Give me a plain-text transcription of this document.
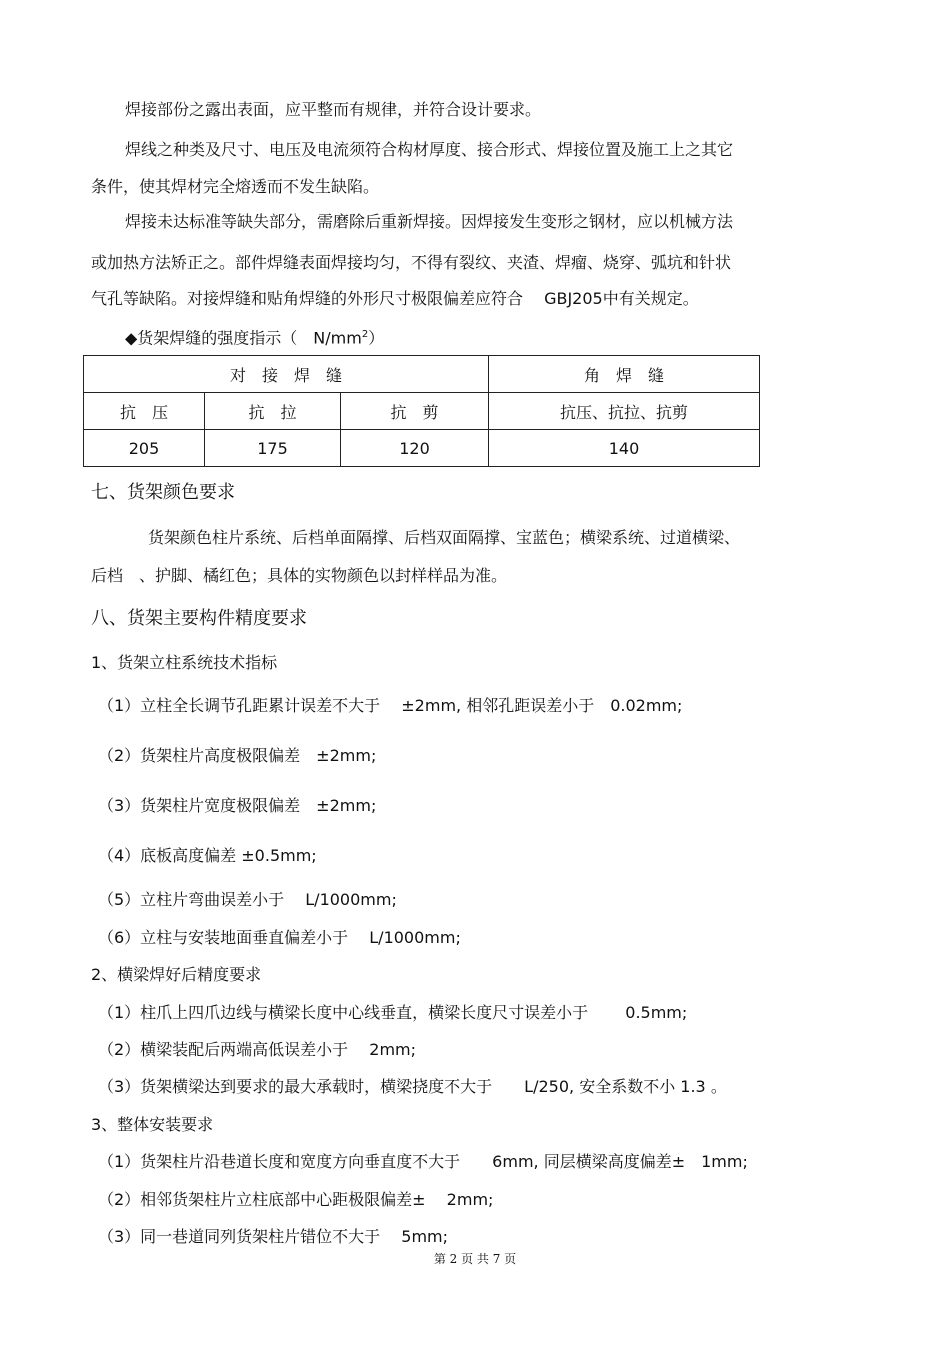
焊接部份之露出表面，应平整而有规律，并符合设计要求。
焊线之种类及尺寸、电压及电流须符合构材厚度、接合形式、焊接位置及施工上之其它
条件，使其焊材完全熔透而不发生缺陷。
焊接未达标准等缺失部分，需磨除后重新焊接。因焊接发生变形之钢材，应以机械方法
或加热方法矫正之。部件焊缝表面焊接均匀，不得有裂纹、夹渣、焊瘤、烧穿、弧坑和针状
气孔等缺陷。对接焊缝和贴角焊缝的外形尺寸极限偏差应符合　 GBJ205中有关规定。
◆货架焊缝的强度指示（　$N/mm^2$）
对　接　焊　缝			角　焊　缝
抗　压	抗　拉	抗　剪	抗压、抗拉、抗剪
205	175	120	140
七、货架颜色要求
货架颜色柱片系统、后档单面隔撑、后档双面隔撑、宝蓝色；横梁系统、过道横梁、
后档　、护脚、橘红色；具体的实物颜色以封样样品为准。
八、货架主要构件精度要求
1、货架立柱系统技术指标
（1）立柱全长调节孔距累计误差不大于　 ±2mm, 相邻孔距误差小于　0.02mm;
（2）货架柱片高度极限偏差　±2mm;
（3）货架柱片宽度极限偏差　±2mm;
（4）底板高度偏差 ±0.5mm;
（5）立柱片弯曲误差小于　 L/1000mm;
（6）立柱与安装地面垂直偏差小于　 L/1000mm;
2、横梁焊好后精度要求
（1）柱爪上四爪边线与横梁长度中心线垂直，横梁长度尺寸误差小于　　 0.5mm;
（2）横梁装配后两端高低误差小于　 2mm;
（3）货架横梁达到要求的最大承载时，横梁挠度不大于　　L/250, 安全系数不小 1.3 。
3、整体安装要求
（1）货架柱片沿巷道长度和宽度方向垂直度不大于　　6mm, 同层横梁高度偏差±　1mm;
（2）相邻货架柱片立柱底部中心距极限偏差±　 2mm;
（3）同一巷道同列货架柱片错位不大于　 5mm;
第 2 页 共 7 页
